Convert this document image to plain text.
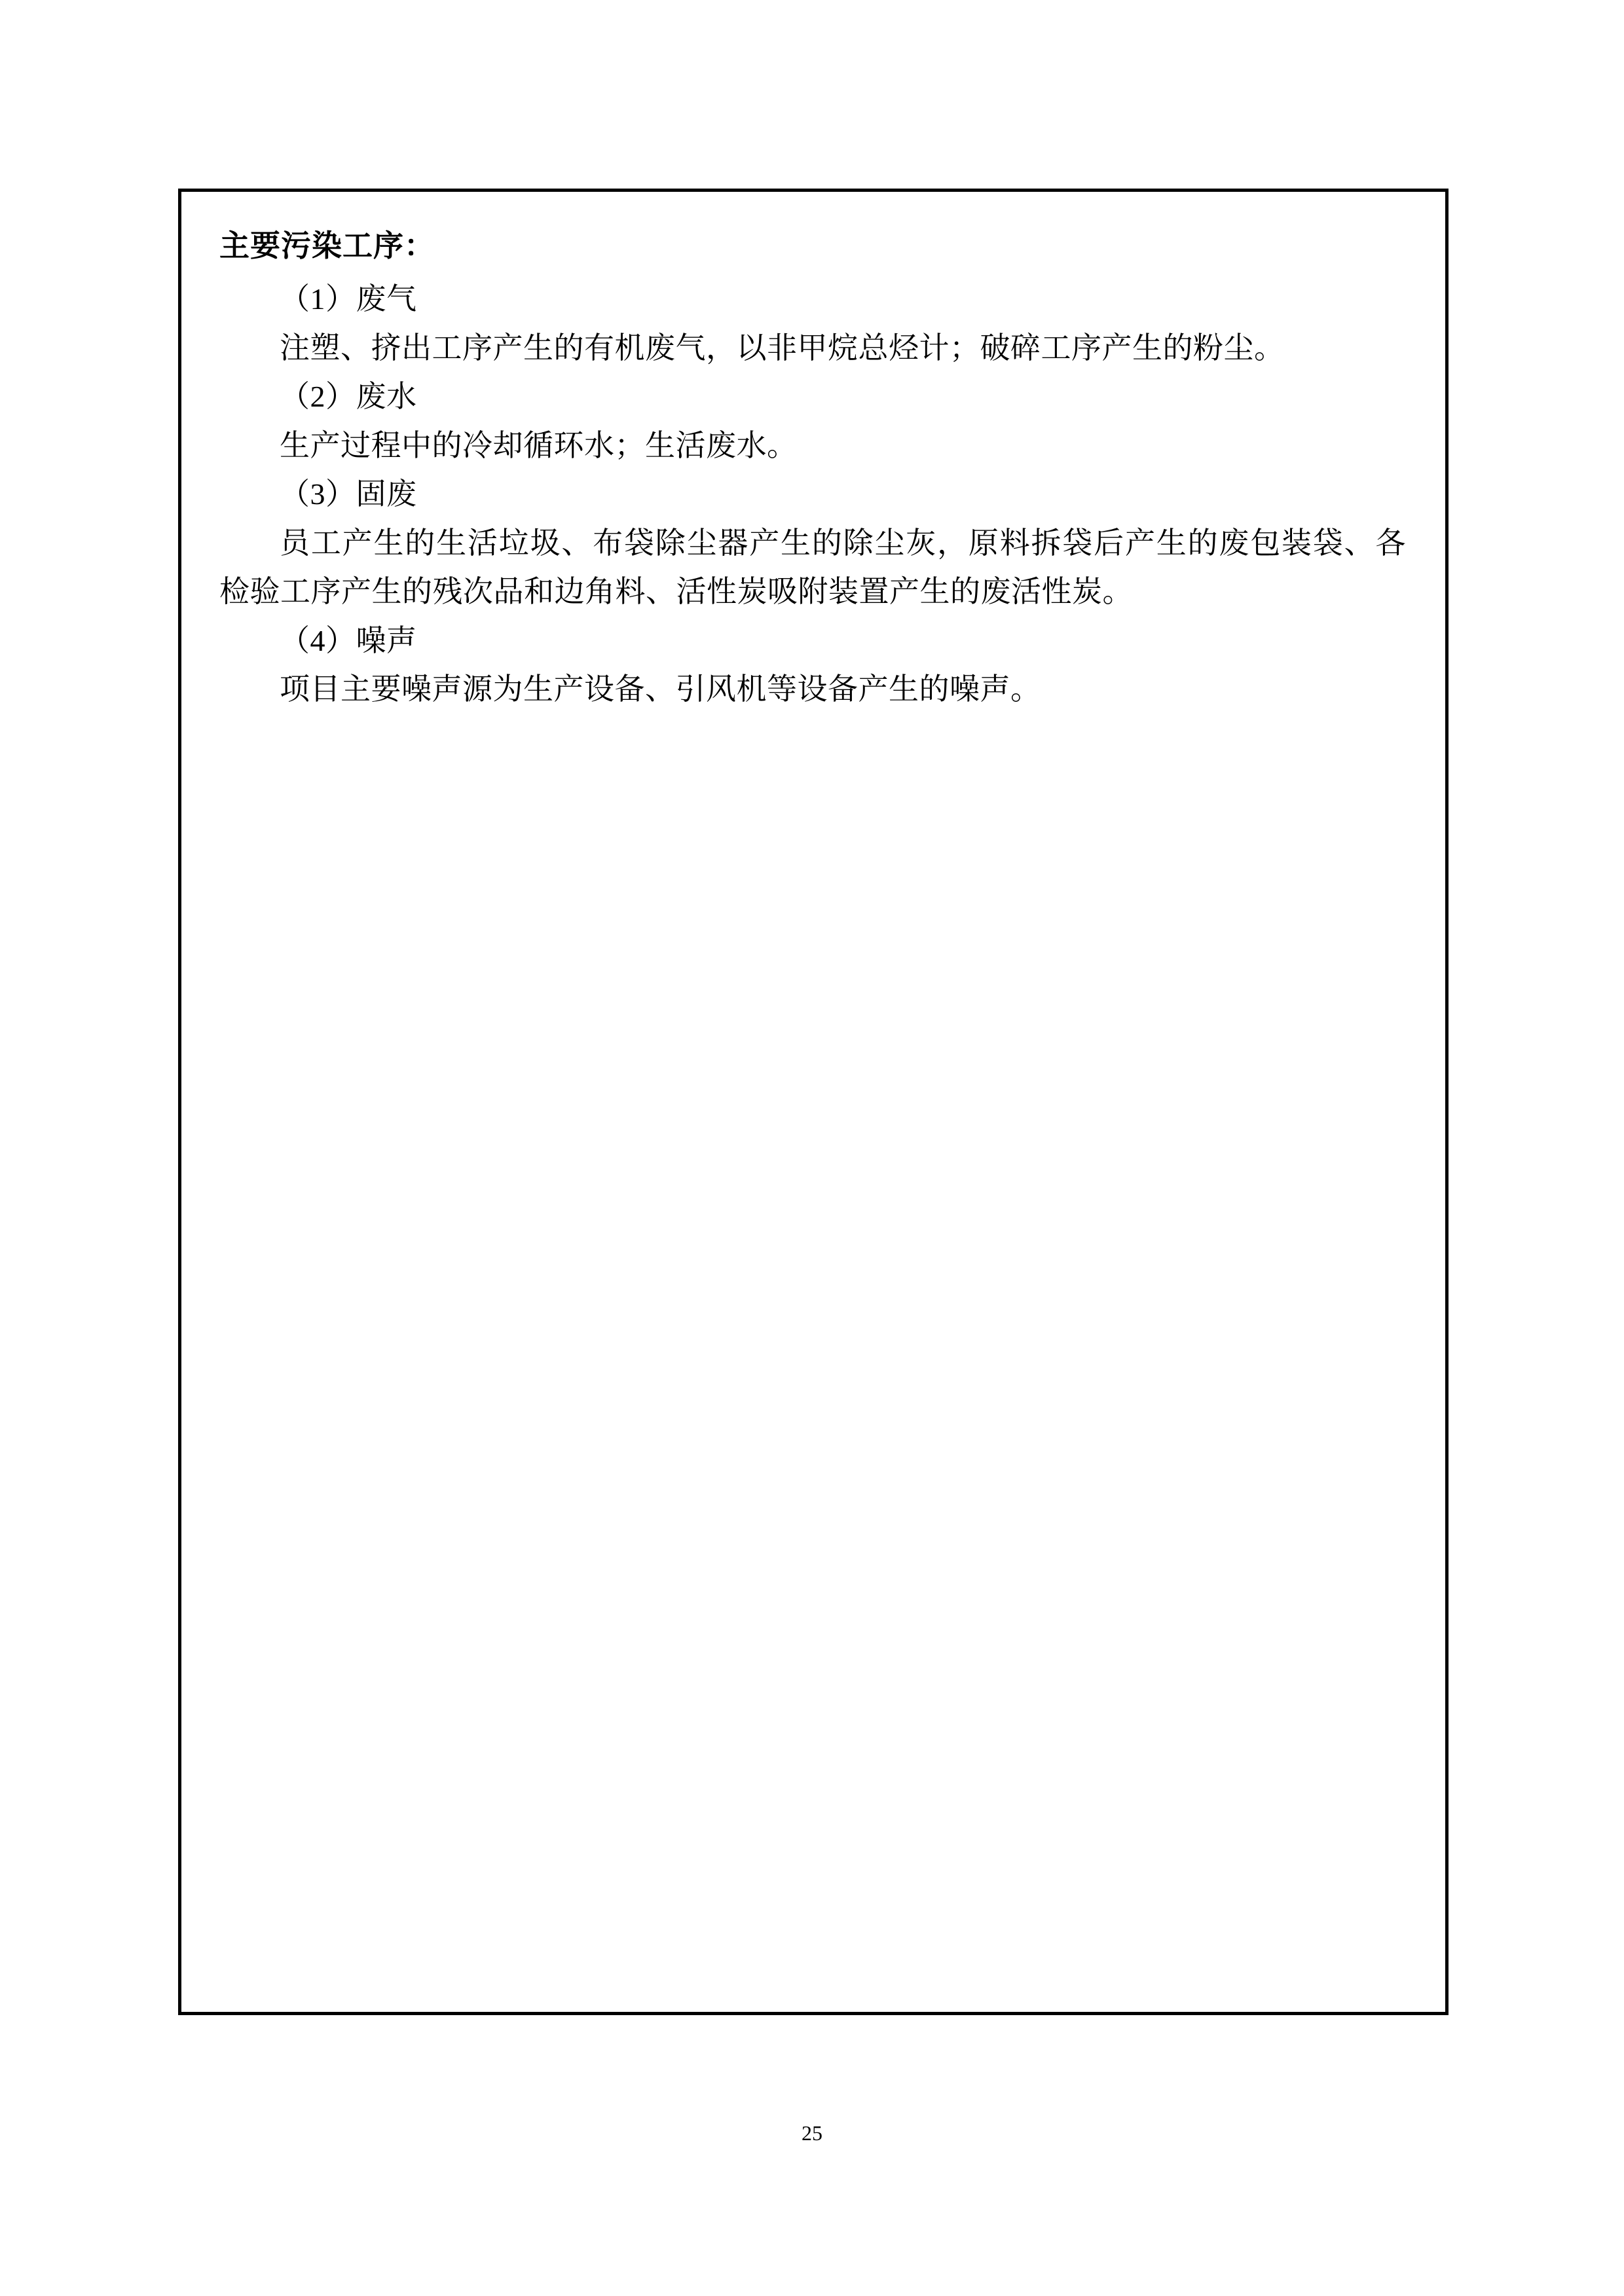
主要污染工序：

（1）废气

注塑、挤出工序产生的有机废气，以非甲烷总烃计；破碎工序产生的粉尘。

（2）废水

生产过程中的冷却循环水；生活废水。

（3）固废

员工产生的生活垃圾、布袋除尘器产生的除尘灰，原料拆袋后产生的废包装袋、各检验工序产生的残次品和边角料、活性炭吸附装置产生的废活性炭。

（4）噪声

项目主要噪声源为生产设备、引风机等设备产生的噪声。

25
